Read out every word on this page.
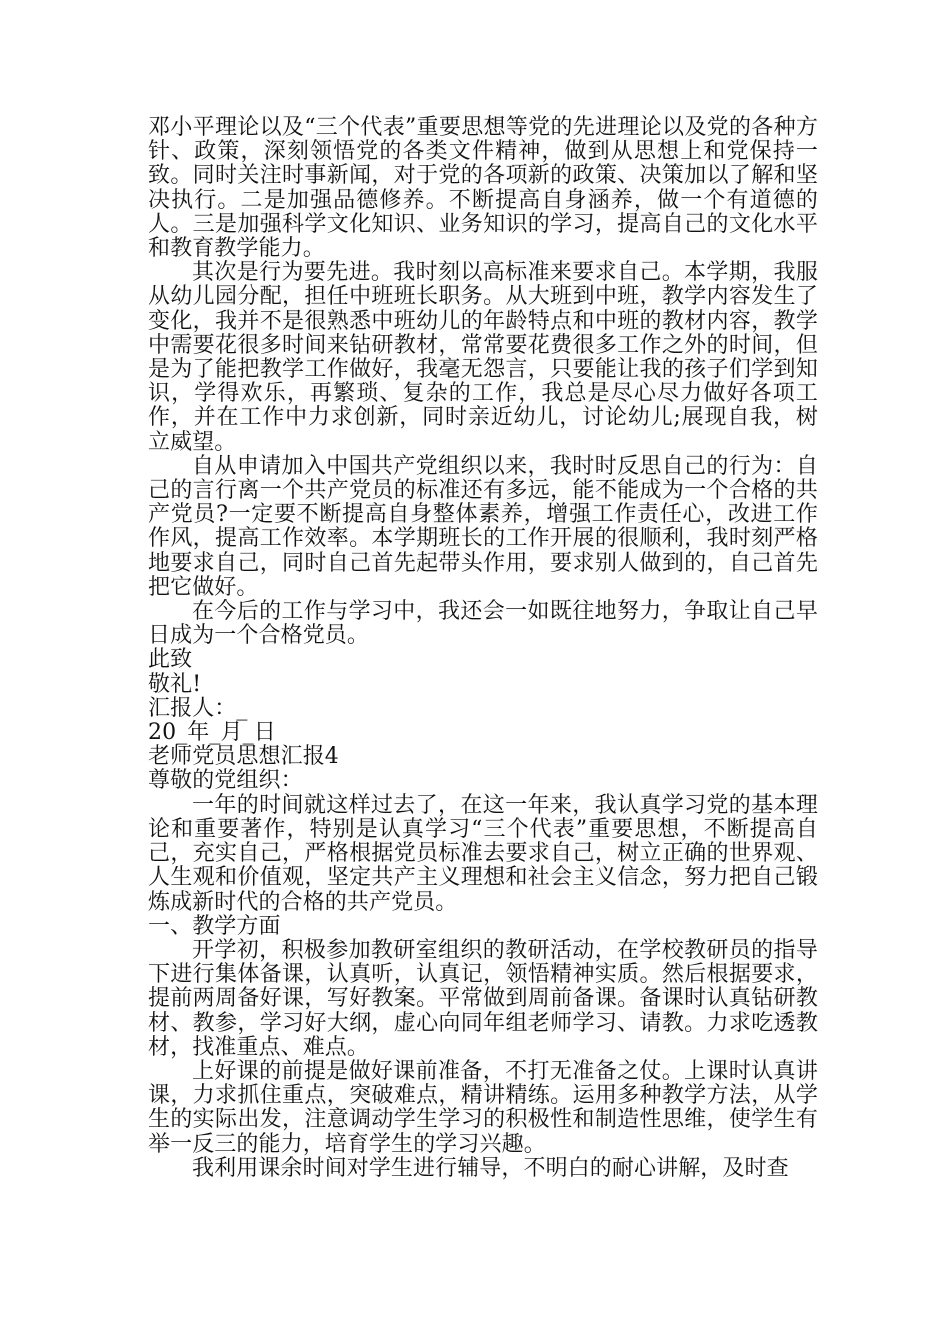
邓小平理论以及“三个代表”重要思想等党的先进理论以及党的各种方针、政策，深刻领悟党的各类文件精神，做到从思想上和党保持一致。同时关注时事新闻，对于党的各项新的政策、决策加以了解和坚决执行。二是加强品德修养。不断提高自身涵养，做一个有道德的人。三是加强科学文化知识、业务知识的学习，提高自己的文化水平和教育教学能力。

其次是行为要先进。我时刻以高标准来要求自己。本学期，我服从幼儿园分配，担任中班班长职务。从大班到中班，教学内容发生了变化，我并不是很熟悉中班幼儿的年龄特点和中班的教材内容，教学中需要花很多时间来钻研教材，常常要花费很多工作之外的时间，但是为了能把教学工作做好，我毫无怨言，只要能让我的孩子们学到知识，学得欢乐，再繁琐、复杂的工作，我总是尽心尽力做好各项工作，并在工作中力求创新，同时亲近幼儿，讨论幼儿;展现自我，树立威望。

自从申请加入中国共产党组织以来，我时时反思自己的行为：自己的言行离一个共产党员的标准还有多远，能不能成为一个合格的共产党员?一定要不断提高自身整体素养，增强工作责任心，改进工作作风，提高工作效率。本学期班长的工作开展的很顺利，我时刻严格地要求自己，同时自己首先起带头作用，要求别人做到的，自己首先把它做好。

在今后的工作与学习中，我还会一如既往地努力，争取让自己早日成为一个合格党员。

此致

敬礼!

汇报人：_

20_年_月_日

老师党员思想汇报4

尊敬的党组织：

一年的时间就这样过去了，在这一年来，我认真学习党的基本理论和重要著作，特别是认真学习“三个代表”重要思想，不断提高自己，充实自己，严格根据党员标准去要求自己，树立正确的世界观、人生观和价值观，坚定共产主义理想和社会主义信念，努力把自己锻炼成新时代的合格的共产党员。

一、教学方面

开学初，积极参加教研室组织的教研活动，在学校教研员的指导下进行集体备课，认真听，认真记，领悟精神实质。然后根据要求，提前两周备好课，写好教案。平常做到周前备课。备课时认真钻研教材、教参，学习好大纲，虚心向同年组老师学习、请教。力求吃透教材，找准重点、难点。

上好课的前提是做好课前准备，不打无准备之仗。上课时认真讲课，力求抓住重点，突破难点，精讲精练。运用多种教学方法，从学生的实际出发，注意调动学生学习的积极性和制造性思维，使学生有举一反三的能力，培育学生的学习兴趣。

我利用课余时间对学生进行辅导，不明白的耐心讲解，及时查
